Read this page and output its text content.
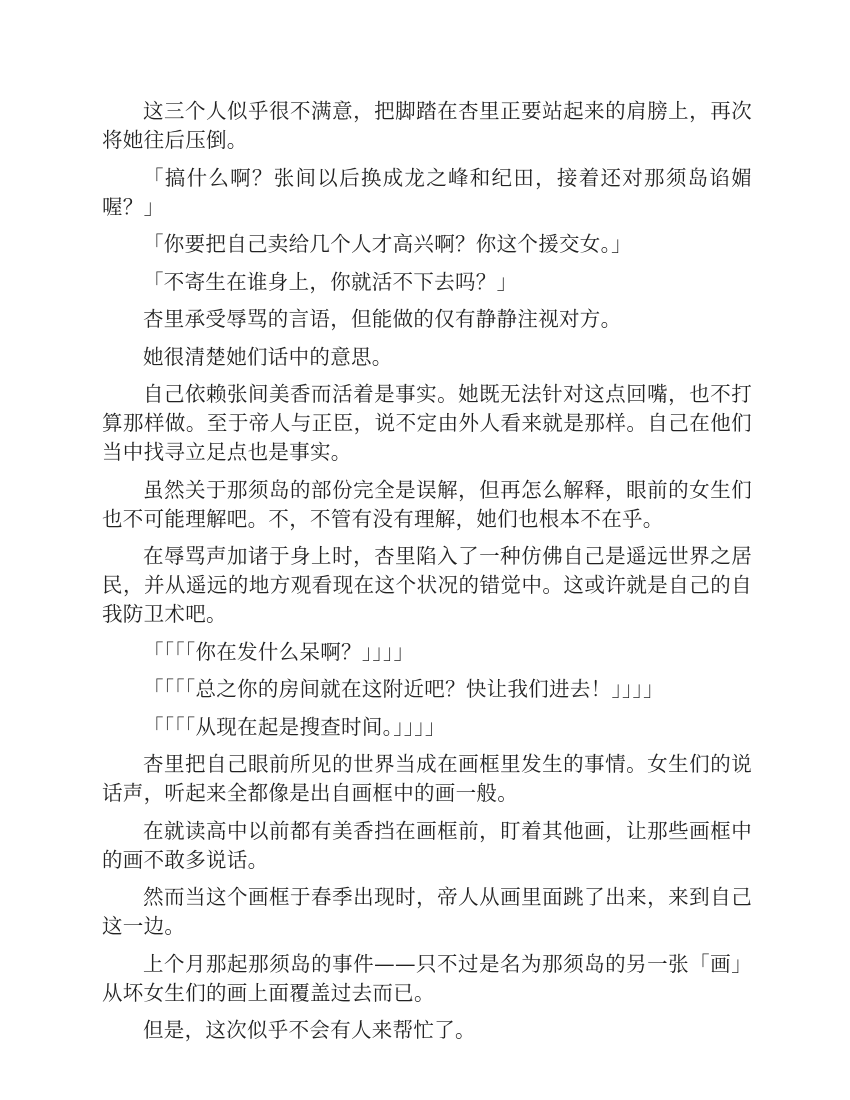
这三个人似乎很不满意，把脚踏在杏里正要站起来的肩膀上，再次将她往后压倒。

「搞什么啊？张间以后换成龙之峰和纪田，接着还对那须岛谄媚喔？」

「你要把自己卖给几个人才高兴啊？你这个援交女。」

「不寄生在谁身上，你就活不下去吗？」

杏里承受辱骂的言语，但能做的仅有静静注视对方。

她很清楚她们话中的意思。

自己依赖张间美香而活着是事实。她既无法针对这点回嘴，也不打算那样做。至于帝人与正臣，说不定由外人看来就是那样。自己在他们当中找寻立足点也是事实。

虽然关于那须岛的部份完全是误解，但再怎么解释，眼前的女生们也不可能理解吧。不，不管有没有理解，她们也根本不在乎。

在辱骂声加诸于身上时，杏里陷入了一种仿佛自己是遥远世界之居民，并从遥远的地方观看现在这个状况的错觉中。这或许就是自己的自我防卫术吧。

「「「「你在发什么呆啊？」」」」

「「「「总之你的房间就在这附近吧？快让我们进去！」」」」

「「「「从现在起是搜查时间。」」」」

杏里把自己眼前所见的世界当成在画框里发生的事情。女生们的说话声，听起来全都像是出自画框中的画一般。

在就读高中以前都有美香挡在画框前，盯着其他画，让那些画框中的画不敢多说话。

然而当这个画框于春季出现时，帝人从画里面跳了出来，来到自己这一边。

上个月那起那须岛的事件——只不过是名为那须岛的另一张「画」从坏女生们的画上面覆盖过去而已。

但是，这次似乎不会有人来帮忙了。
